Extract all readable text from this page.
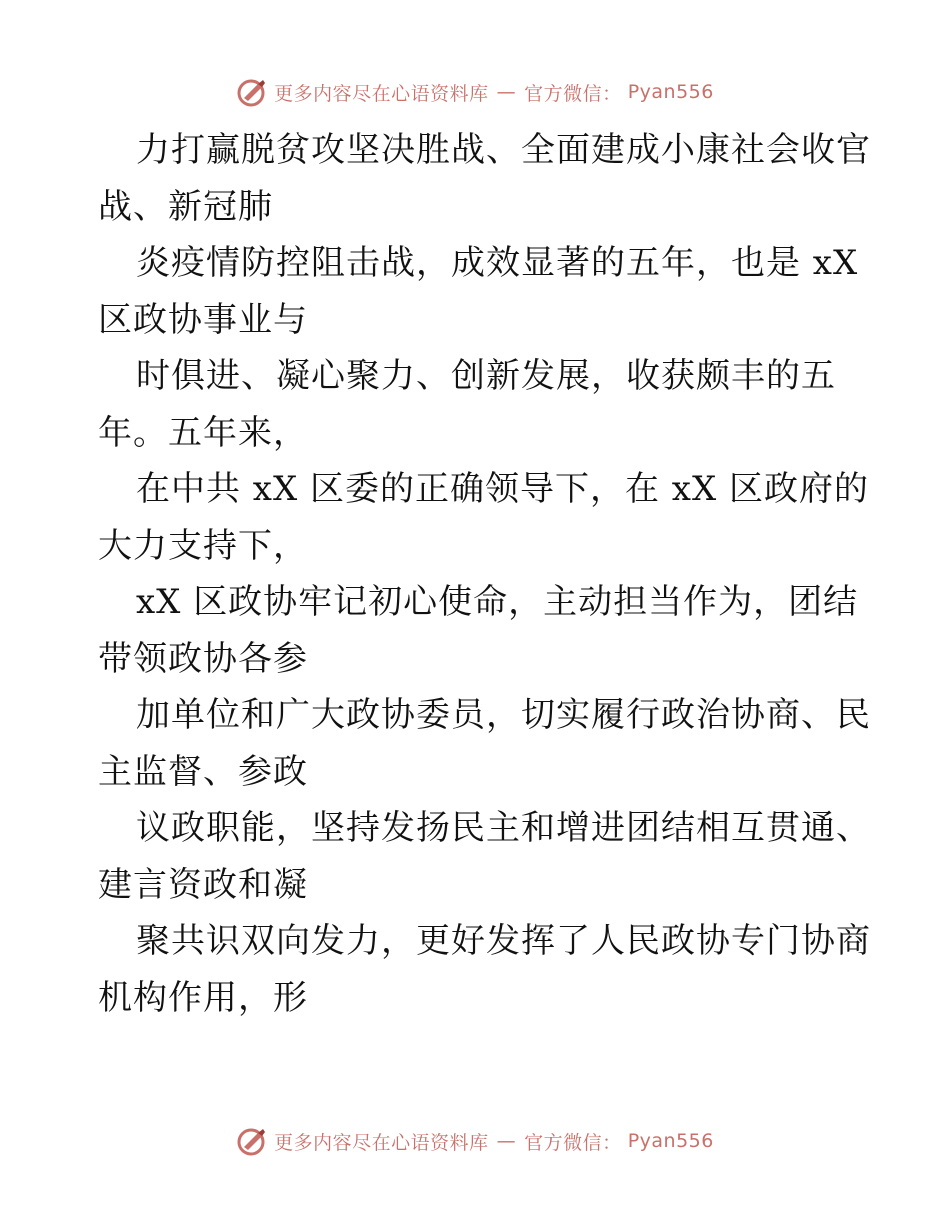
更多内容尽在心语资料库 — 官方微信： Pyan556
力打赢脱贫攻坚决胜战、全面建成小康社会收官
战、新冠肺
炎疫情防控阻击战，成效显著的五年，也是 xX
区政协事业与
时俱进、凝心聚力、创新发展，收获颇丰的五
年。五年来，
在中共 xX 区委的正确领导下，在 xX 区政府的
大力支持下，
xX 区政协牢记初心使命，主动担当作为，团结
带领政协各参
加单位和广大政协委员，切实履行政治协商、民
主监督、参政
议政职能，坚持发扬民主和增进团结相互贯通、
建言资政和凝
聚共识双向发力，更好发挥了人民政协专门协商
机构作用，形
更多内容尽在心语资料库 — 官方微信： Pyan556
